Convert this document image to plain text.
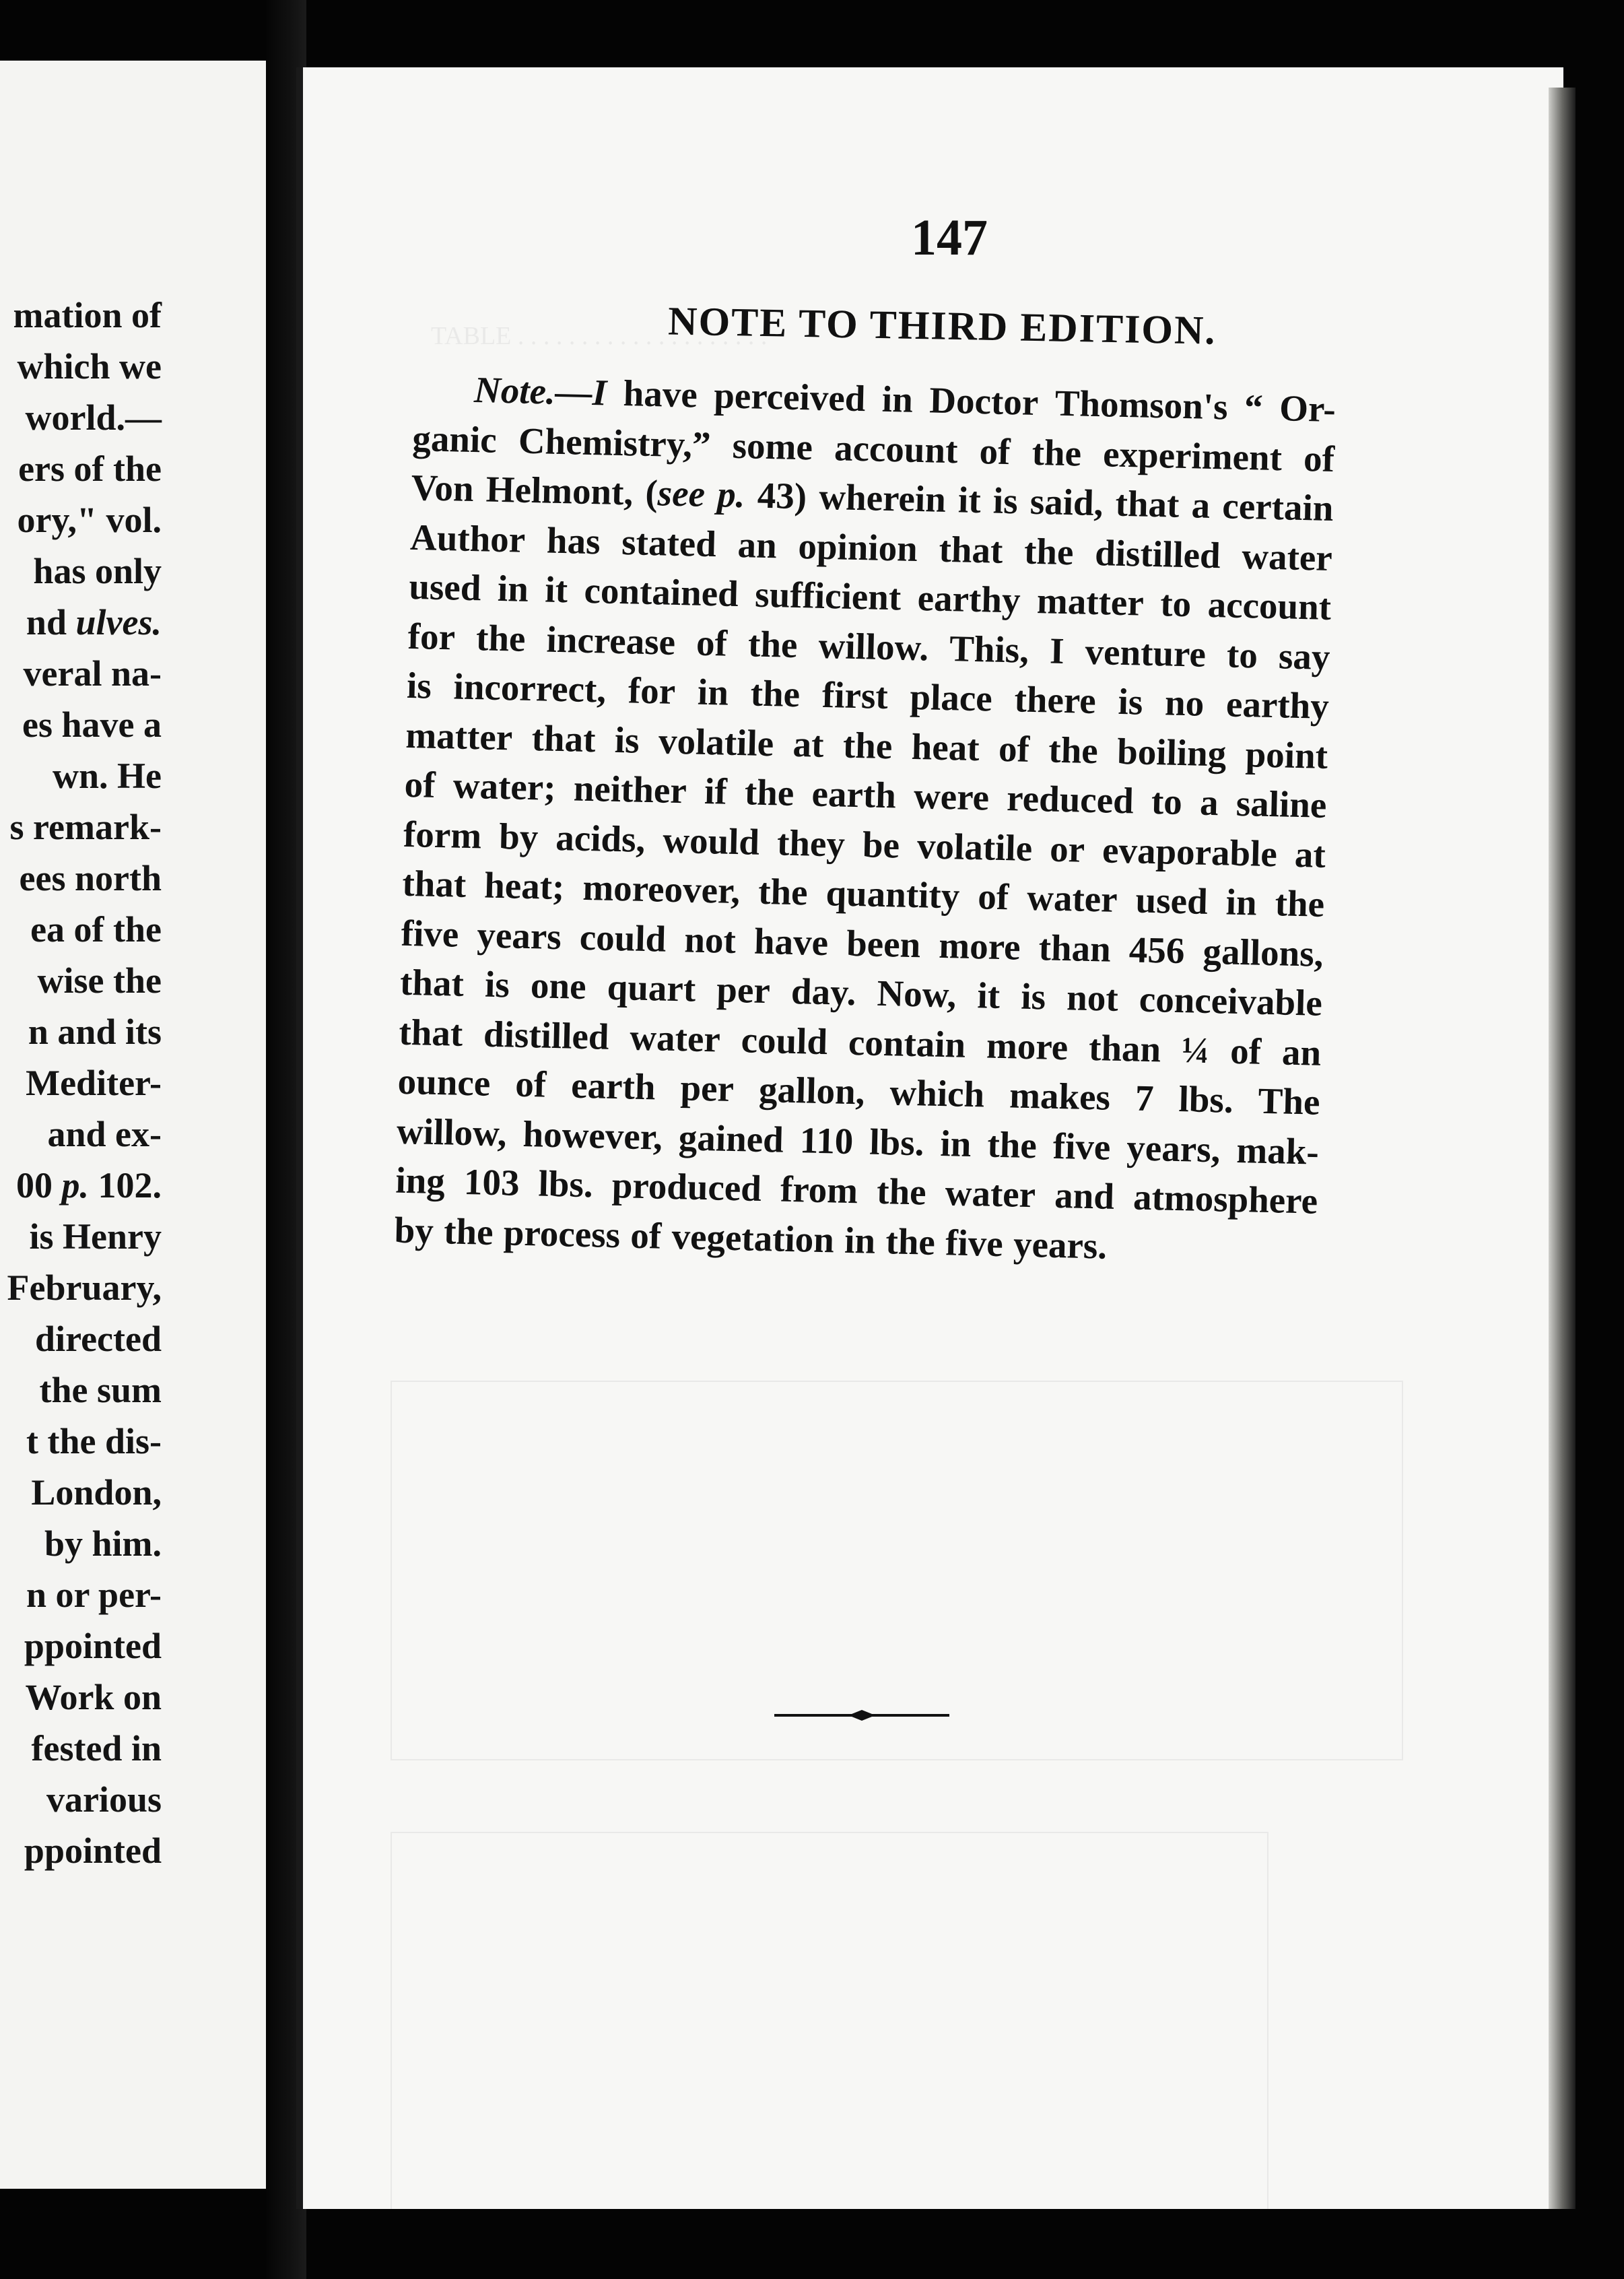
mation of
which we
world.—
ers of the
ory," vol.
has only
nd ulves.
veral na-
es have a
wn. He
s remark-
ees north
ea of the
wise the
n and its
Mediter-
and ex-
00 p. 102.
is Henry
February,
directed
the sum
t the dis-
London,
by him.
n or per-
ppointed
Work on
fested in
various
ppointed
TABLE . . . . . . . . . . . . . . . . . . . .
147
NOTE TO THIRD EDITION.
Note.—I have perceived in Doctor Thomson's “ Or-
ganic Chemistry,” some account of the experiment of
Von Helmont, (see p. 43) wherein it is said, that a certain
Author has stated an opinion that the distilled water
used in it contained sufficient earthy matter to account
for the increase of the willow. This, I venture to say
is incorrect, for in the first place there is no earthy
matter that is volatile at the heat of the boiling point
of water; neither if the earth were reduced to a saline
form by acids, would they be volatile or evaporable at
that heat; moreover, the quantity of water used in the
five years could not have been more than 456 gallons,
that is one quart per day. Now, it is not conceivable
that distilled water could contain more than ¼ of an
ounce of earth per gallon, which makes 7 lbs. The
willow, however, gained 110 lbs. in the five years, mak-
ing 103 lbs. produced from the water and atmosphere
by the process of vegetation in the five years.
